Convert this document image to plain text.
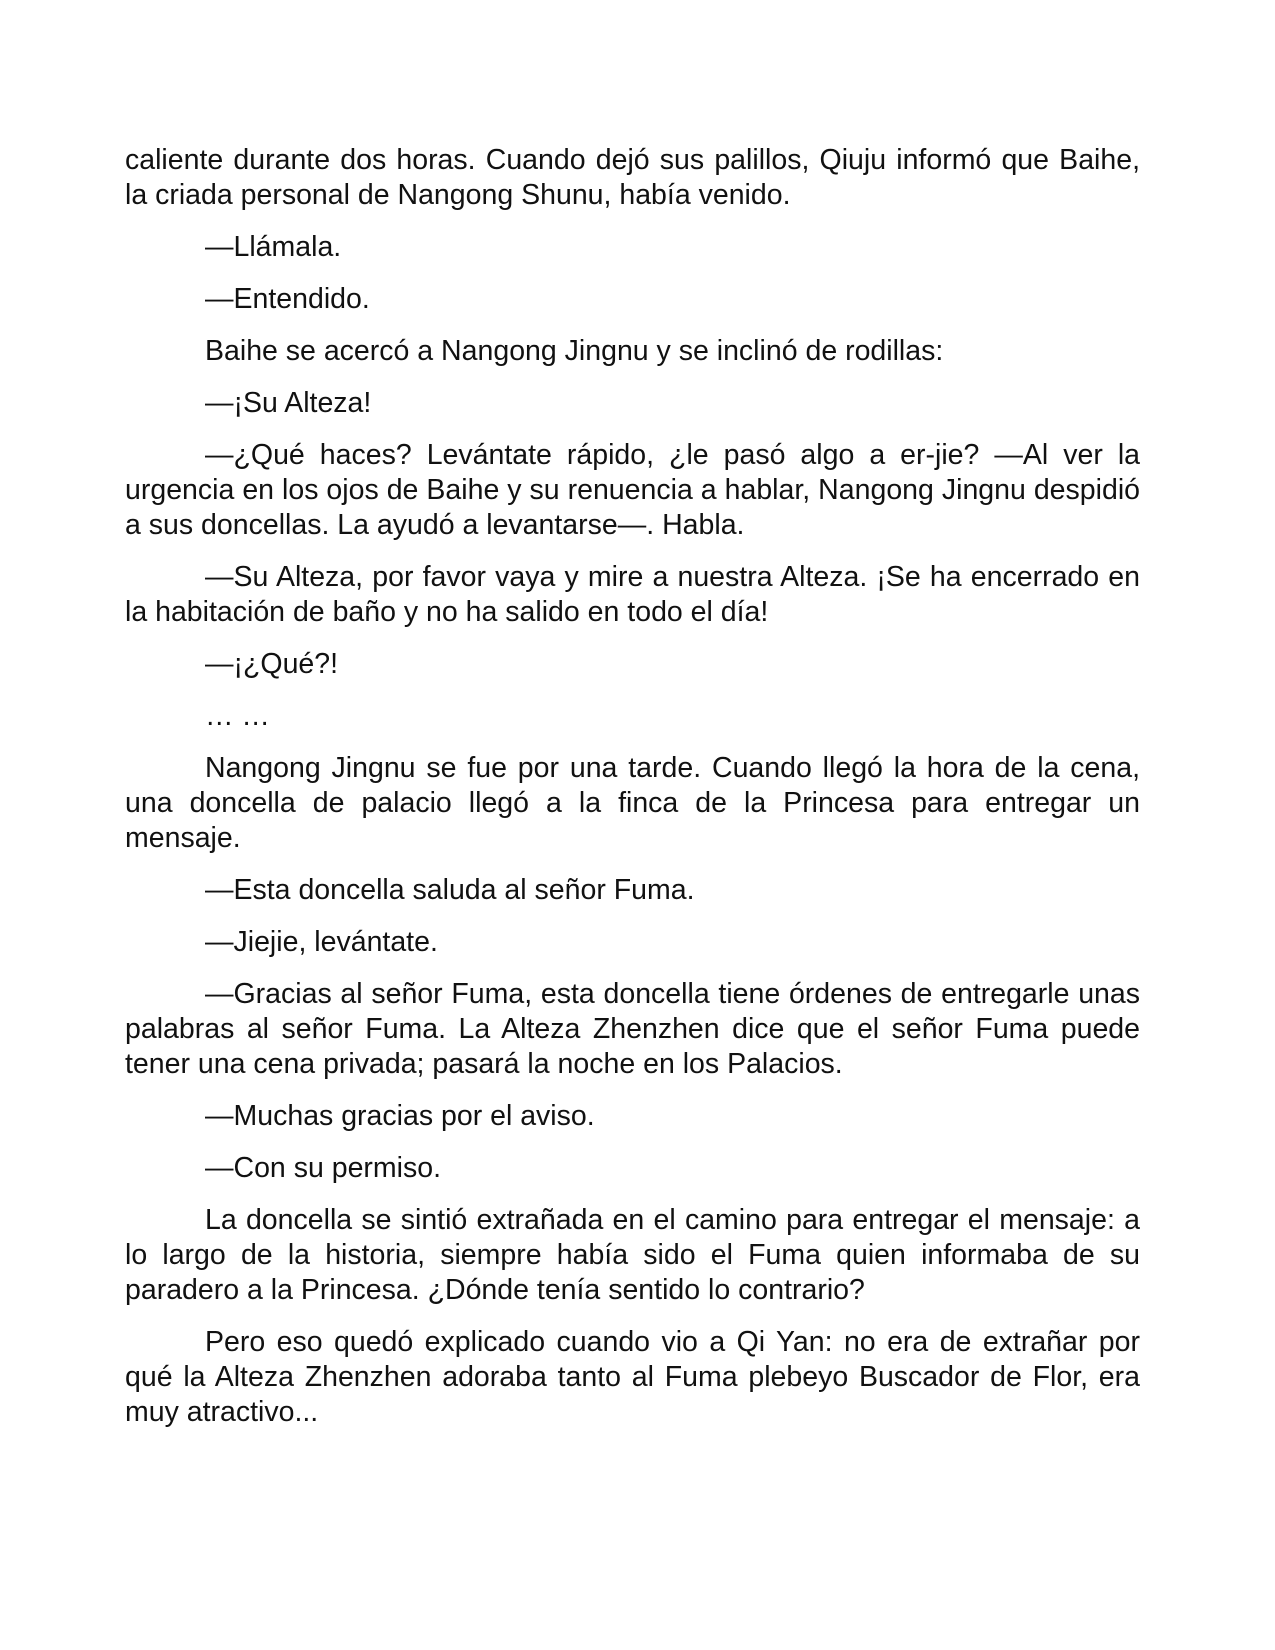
caliente durante dos horas. Cuando dejó sus palillos, Qiuju informó que Baihe, la criada personal de Nangong Shunu, había venido.

—Llámala.

—Entendido.

Baihe se acercó a Nangong Jingnu y se inclinó de rodillas:

—¡Su Alteza!

—¿Qué haces? Levántate rápido, ¿le pasó algo a er-jie? —Al ver la urgencia en los ojos de Baihe y su renuencia a hablar, Nangong Jingnu despidió a sus doncellas. La ayudó a levantarse—. Habla.

—Su Alteza, por favor vaya y mire a nuestra Alteza. ¡Se ha encerrado en la habitación de baño y no ha salido en todo el día!

—¡¿Qué?!

… …

Nangong Jingnu se fue por una tarde. Cuando llegó la hora de la cena, una doncella de palacio llegó a la finca de la Princesa para entregar un mensaje.

—Esta doncella saluda al señor Fuma.

—Jiejie, levántate.

—Gracias al señor Fuma, esta doncella tiene órdenes de entregarle unas palabras al señor Fuma. La Alteza Zhenzhen dice que el señor Fuma puede tener una cena privada; pasará la noche en los Palacios.

—Muchas gracias por el aviso.

—Con su permiso.

La doncella se sintió extrañada en el camino para entregar el mensaje: a lo largo de la historia, siempre había sido el Fuma quien informaba de su paradero a la Princesa. ¿Dónde tenía sentido lo contrario?

Pero eso quedó explicado cuando vio a Qi Yan: no era de extrañar por qué la Alteza Zhenzhen adoraba tanto al Fuma plebeyo Buscador de Flor, era muy atractivo...
